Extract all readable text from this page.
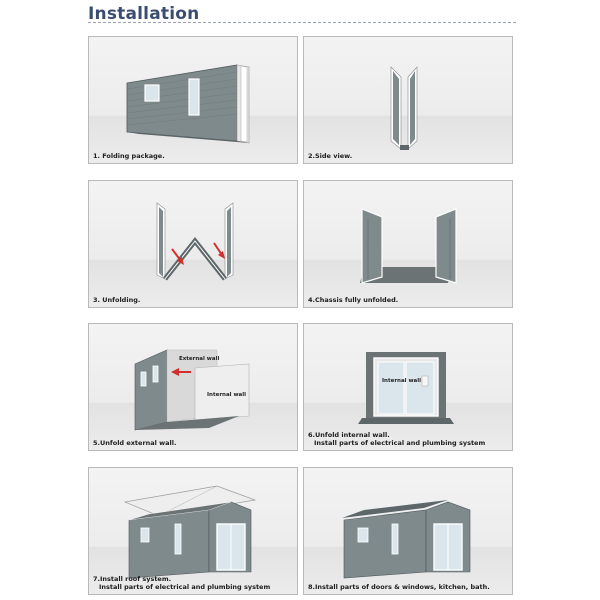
Installation
1. Folding package.	2.Side view.
3. Unfolding.	4.Chassis fully unfolded.
External wall
Internal wall
5.Unfold external wall.
Internal wall
6.Unfold internal wall.
Install parts of electrical and plumbing system
7.Install roof system.
Install parts of electrical and plumbing system	8.Install parts of doors & windows, kitchen, bath.
